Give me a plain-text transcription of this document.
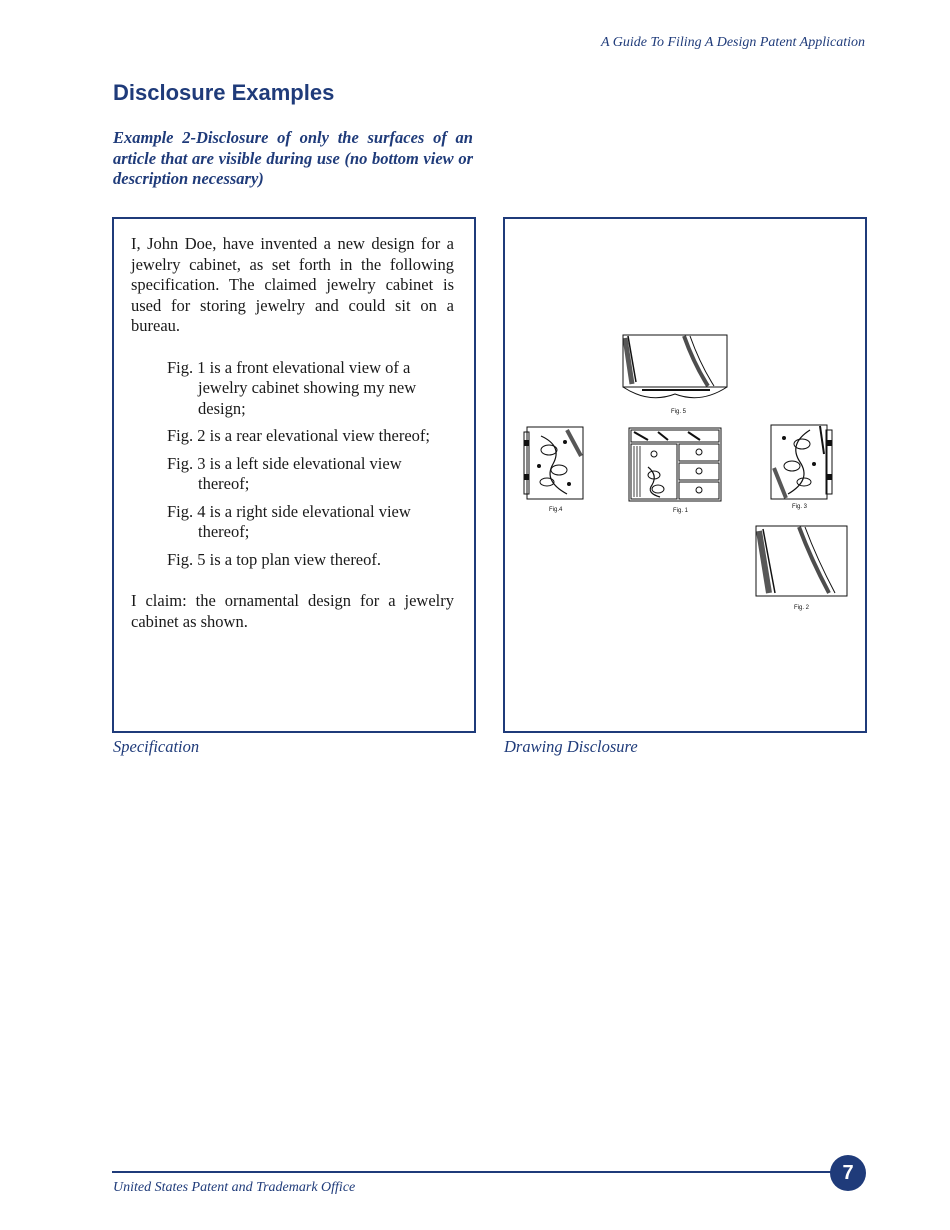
A Guide To Filing A Design Patent Application
Disclosure Examples

Example 2-Disclosure of only the surfaces of an article that are visible during use (no bottom view or description necessary)

I, John Doe, have invented a new design for a jewelry cabinet, as set forth in the following specification. The claimed jewelry cabinet is used for storing jewelry and could sit on a bureau.

Fig. 1 is a front elevational view of a jewelry cabinet showing my new design;
Fig. 2 is a rear elevational view thereof;
Fig. 3 is a left side elevational view thereof;
Fig. 4 is a right side elevational view thereof;
Fig. 5 is a top plan view thereof.

I claim: the ornamental design for a jewelry cabinet as shown.

Fig. 5
Fig.4	Fig. 1
Fig. 3
Fig. 2
Specification	Drawing Disclosure
United States Patent and Trademark Office
7
